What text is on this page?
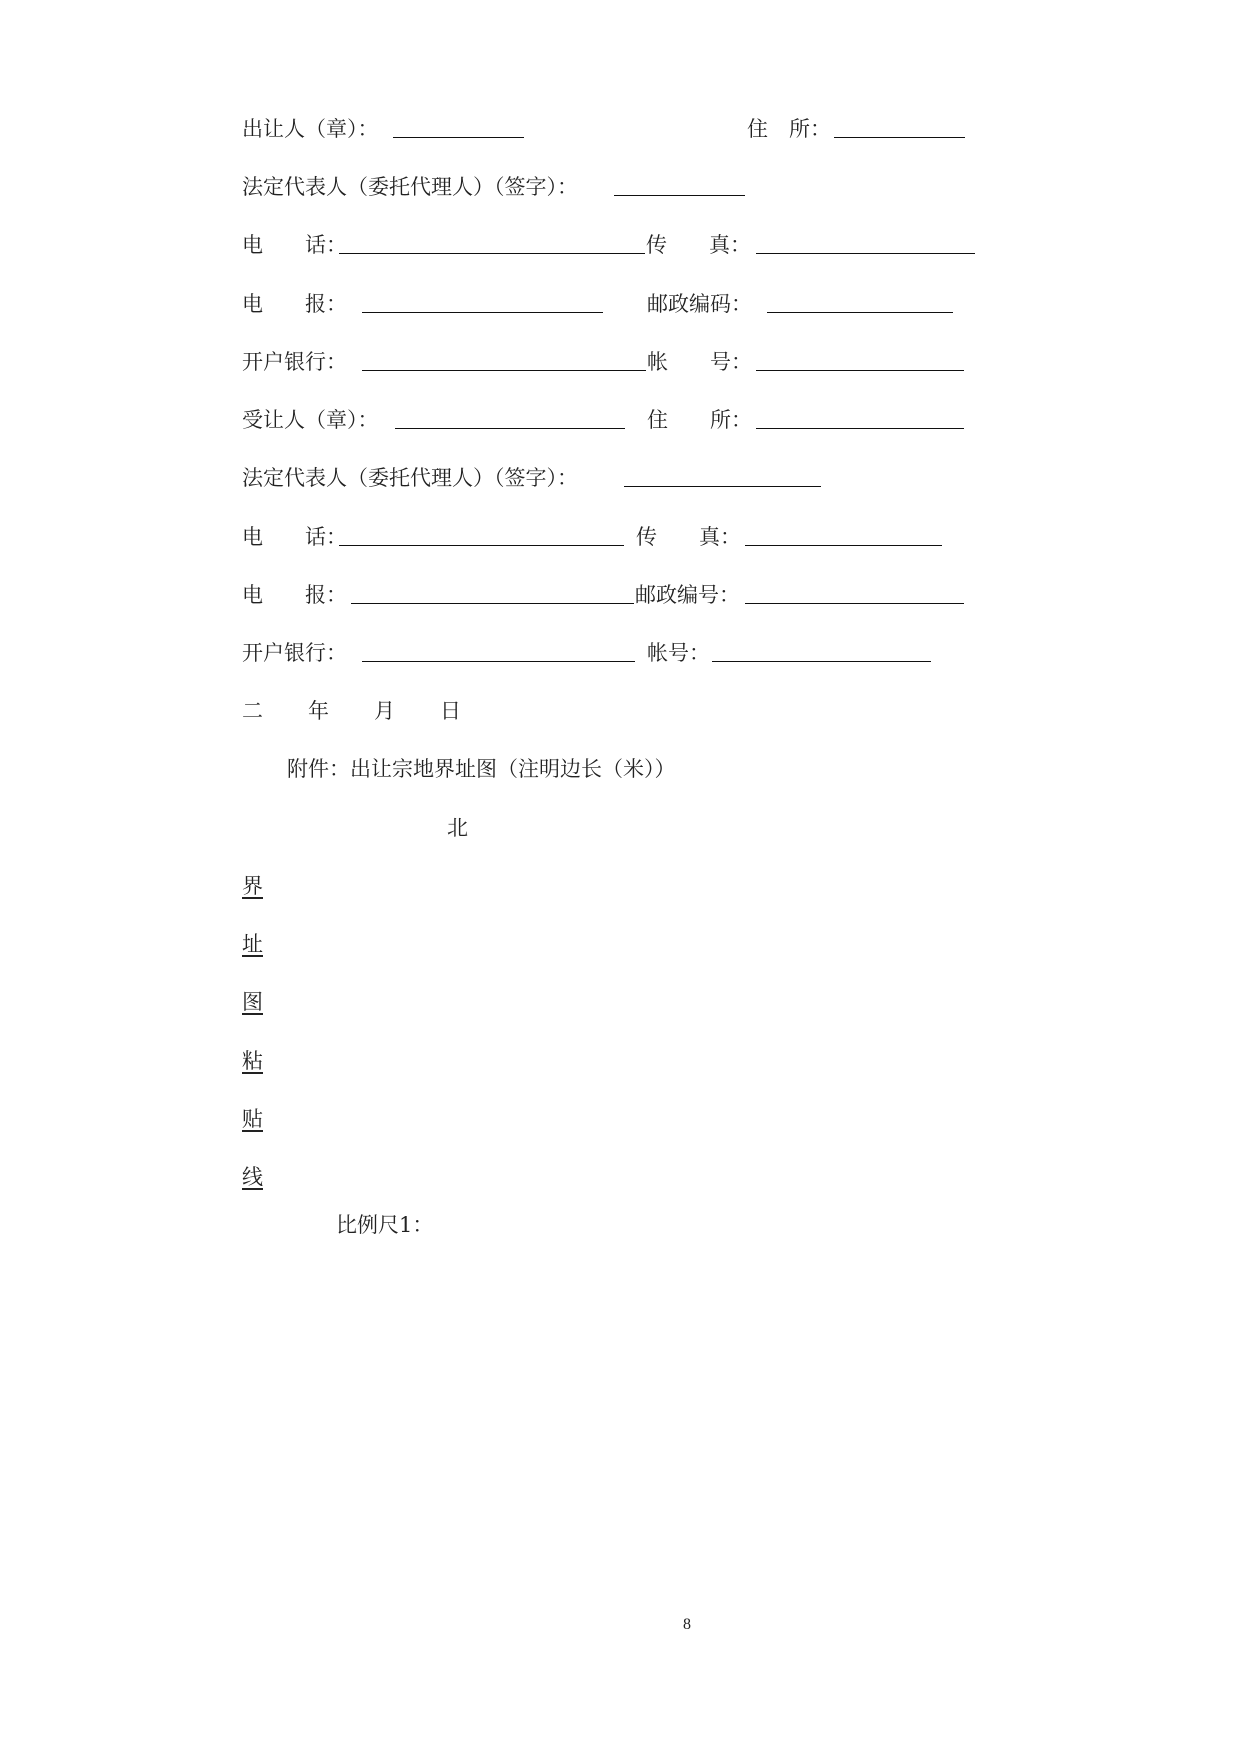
出让人（章）：	住　所：
法定代表人（委托代理人）（签字）：
电　　话：	传　　真：
电　　报：	邮政编码：
开户银行：	帐　　号：
受让人（章）：	住　　所：
法定代表人（委托代理人）（签字）：
电　　话：	传　　真：
电　　报：	邮政编号：
开户银行：	帐号：
二 年 月 日
附件：出让宗地界址图（注明边长（米））
北
界
址
图
粘
贴
线
比例尺1：
8
